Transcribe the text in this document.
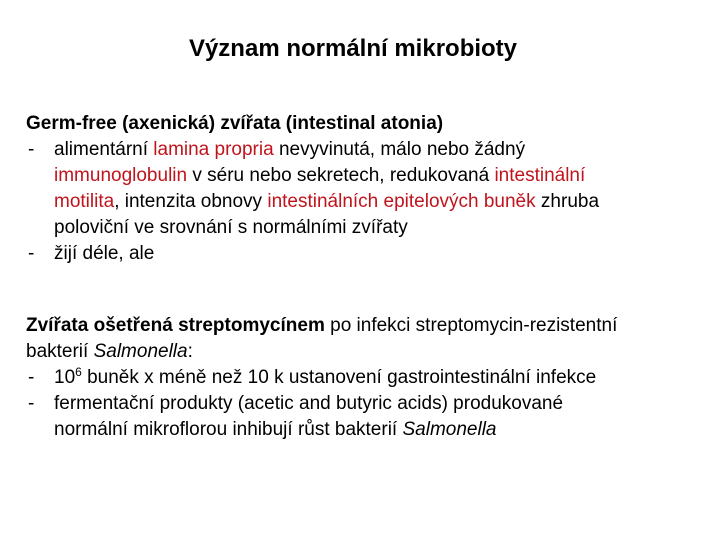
Význam normální mikrobioty
Germ-free (axenická) zvířata (intestinal atonia)
- alimentární lamina propria nevyvinutá, málo nebo žádný
immunoglobulin v séru nebo sekretech, redukovaná intestinální
motilita, intenzita obnovy intestinálních epitelových buněk zhruba
poloviční ve srovnání s normálními zvířaty
- žijí déle, ale
Zvířata ošetřená streptomycínem po infekci streptomycin-rezistentní
bakterií Salmonella:
- $10^6$ buněk x méně než 10 k ustanovení gastrointestinální infekce
- fermentační produkty (acetic and butyric acids) produkované
normální mikroflorou inhibují růst bakterií Salmonella
